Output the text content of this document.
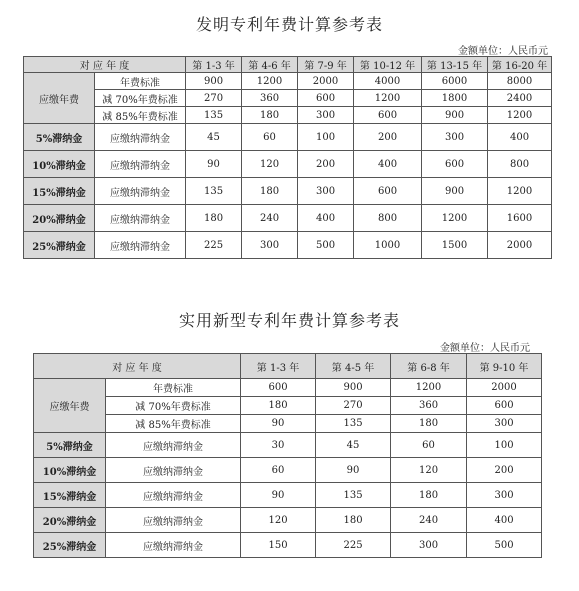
发明专利年费计算参考表
金额单位：人民币元
对 应 年 度		第 1-3 年	第 4-6 年	第 7-9 年	第 10-12 年	第 13-15 年	第 16-20 年
应缴年费	年费标准	900	1200	2000	4000	6000	8000
	减 70%年费标准	270	360	600	1200	1800	2400
	减 85%年费标准	135	180	300	600	900	1200
5%滞纳金	应缴纳滞纳金	45	60	100	200	300	400
10%滞纳金	应缴纳滞纳金	90	120	200	400	600	800
15%滞纳金	应缴纳滞纳金	135	180	300	600	900	1200
20%滞纳金	应缴纳滞纳金	180	240	400	800	1200	1600
25%滞纳金	应缴纳滞纳金	225	300	500	1000	1500	2000
实用新型专利年费计算参考表
金额单位：人民币元
对 应 年 度		第 1-3 年	第 4-5 年	第 6-8 年	第 9-10 年
应缴年费	年费标准	600	900	1200	2000
	减 70%年费标准	180	270	360	600
	减 85%年费标准	90	135	180	300
5%滞纳金	应缴纳滞纳金	30	45	60	100
10%滞纳金	应缴纳滞纳金	60	90	120	200
15%滞纳金	应缴纳滞纳金	90	135	180	300
20%滞纳金	应缴纳滞纳金	120	180	240	400
25%滞纳金	应缴纳滞纳金	150	225	300	500
